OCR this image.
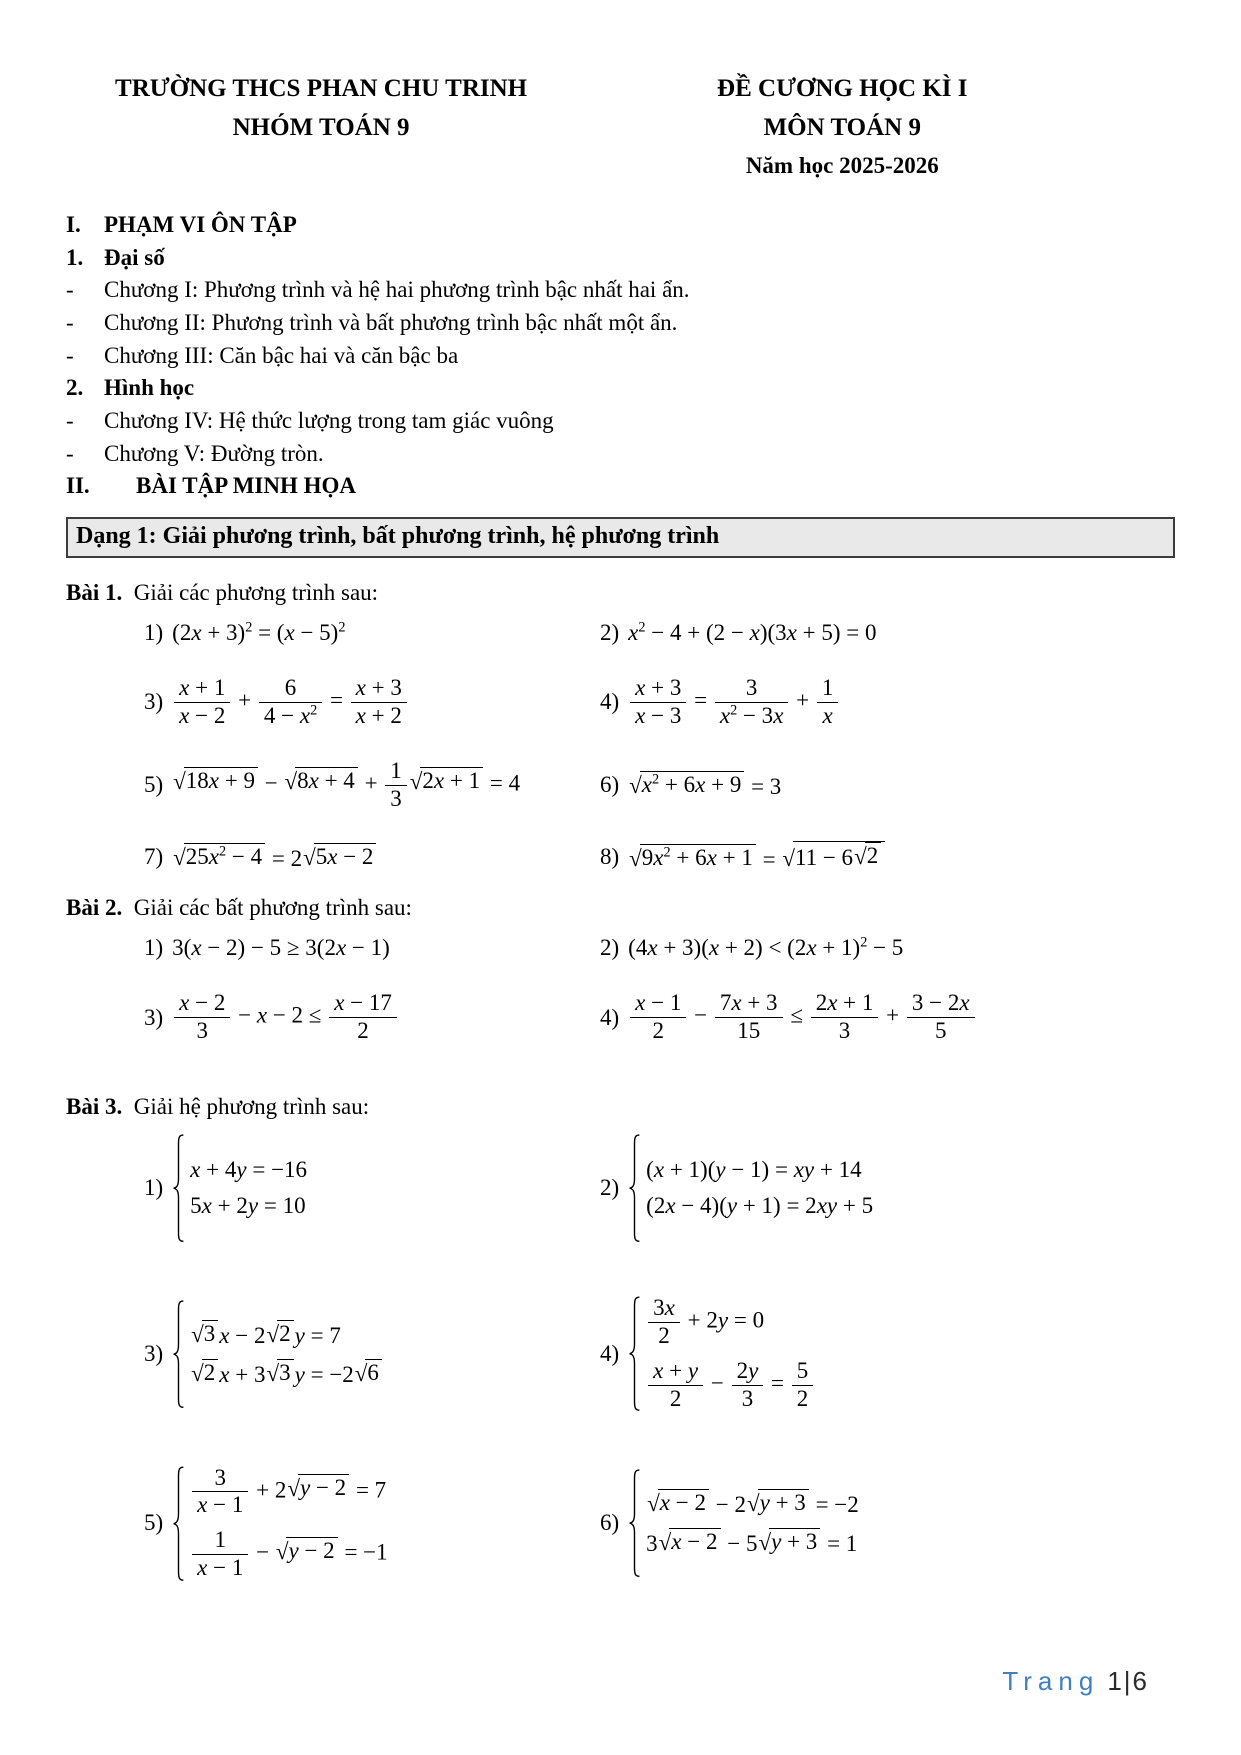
TRƯỜNG THCS PHAN CHU TRINH
NHÓM TOÁN 9
ĐỀ CƯƠNG HỌC KÌ I
MÔN TOÁN 9
Năm học 2025-2026
I.	PHẠM VI ÔN TẬP
1. Đại số
-	Chương I: Phương trình và hệ hai phương trình bậc nhất hai ẩn.
-	Chương II: Phương trình và bất phương trình bậc nhất một ẩn.
-	Chương III: Căn bậc hai và căn bậc ba
2. Hình học
-	Chương IV: Hệ thức lượng trong tam giác vuông
-	Chương V: Đường tròn.
II.	BÀI TẬP MINH HỌA
Dạng 1: Giải phương trình, bất phương trình, hệ phương trình
Bài 1.  Giải các phương trình sau:
1) $(2x + 3)^2 = (x - 5)^2$	2) $x^2 - 4 + (2 - x)(3x + 5) = 0$
$3) \frac{x + 1}{x - 2} + \frac{6}{4 - x^2} = \frac{x + 3}{x + 2}$	$4) \frac{x + 3}{x - 3} = \frac{3}{x^2 - 3x} + \frac{1}{x}$
5) √ 18x + 9 − √ $8x + 4 + \frac{1}{3}$ √ 2x + 1 = 4	6) √ $x^2 + 6x + 9 = 3$
7) √ $25x^2 - 4 = 2$ √ 5x − 2	8) √ $9x^2 + 6x + 1$ = √ 11 − 6 √ 2
Bài 2.  Giải các bất phương trình sau:
1) 3(x − 2) − 5 ≥ 3(2x − 1)	2) $(4x + 3)(x + 2) < (2x + 1)^2 - 5$
$3) \frac{x - 2}{3} - x - 2 \le \frac{x - 17}{2}$	$4) \frac{x - 1}{2} - \frac{7x + 3}{15} \le \frac{2x + 1}{3} + \frac{3 - 2x}{5}$
Bài 3.  Giải hệ phương trình sau:
1)
x + 4y = −16
5x + 2y = 10
2)
(x + 1)(y − 1) = xy + 14
(2x − 4)(y + 1) = 2xy + 5
3)
√ 3 x − 2 √ 2 y = 7
√ 2 x + 3 √ 3 y = −2 √ 6
4)
$\frac{3x}{2} + 2y = 0$
$\frac{x + y}{2} - \frac{2y}{3} = \frac{5}{2}$
5)
$\frac{3}{x - 1} + 2$ √ y − 2 = 7
$\frac{1}{x - 1}$ − √ y − 2 = −1
6)
√ x − 2 − 2 √ y + 3 = −2
3 √ x − 2 − 5 √ y + 3 = 1
Trang 1|6
